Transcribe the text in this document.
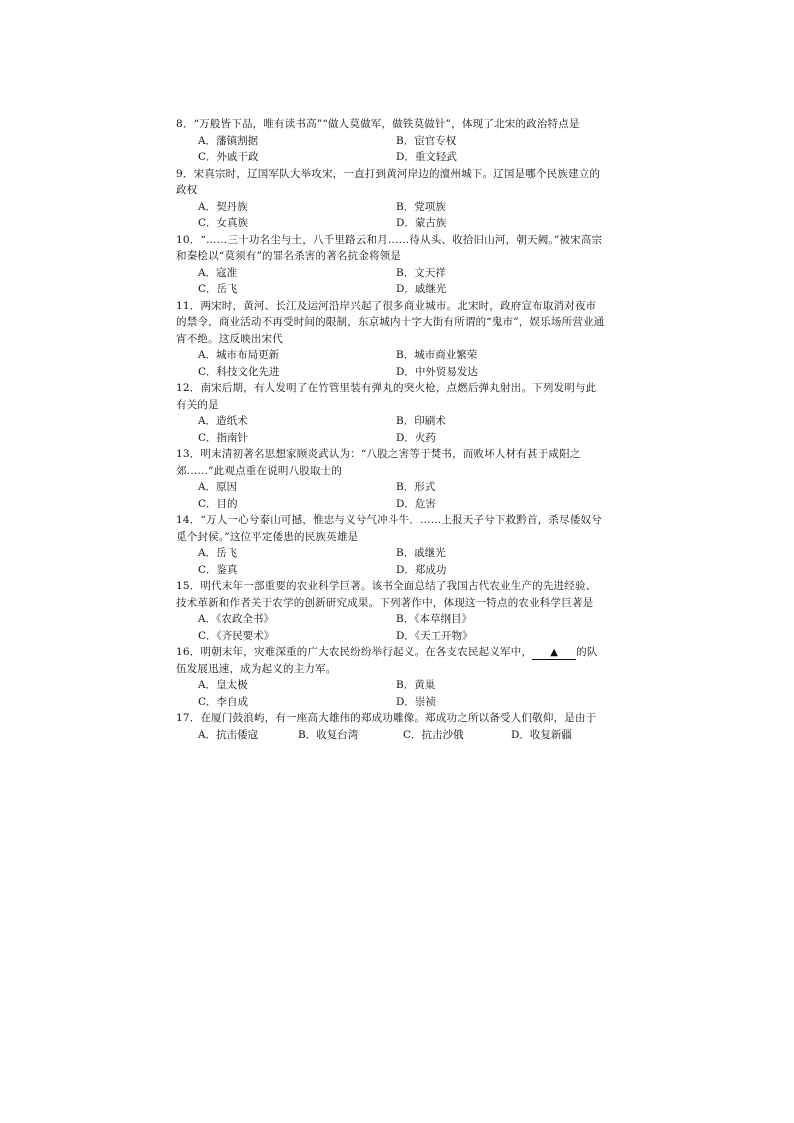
8．“万般皆下品，唯有读书高”“做人莫做军，做铁莫做针”，体现了北宋的政治特点是

A．藩镇割据	B．宦官专权
C．外戚干政	D．重文轻武

9．宋真宗时，辽国军队大举攻宋，一直打到黄河岸边的澶州城下。辽国是哪个民族建立的政权

A．契丹族	B．党项族
C．女真族	D．蒙古族

10．“……三十功名尘与土，八千里路云和月……待从头、收拾旧山河，朝天阙。”被宋高宗和秦桧以“莫须有”的罪名杀害的著名抗金将领是

A．寇准	B．文天祥
C．岳飞	D．戚继光

11．两宋时，黄河、长江及运河沿岸兴起了很多商业城市。北宋时，政府宣布取消对夜市的禁令，商业活动不再受时间的限制，东京城内十字大街有所谓的“鬼市”，娱乐场所营业通宵不绝。这反映出宋代

A．城市布局更新	B．城市商业繁荣
C．科技文化先进	D．中外贸易发达

12．南宋后期，有人发明了在竹管里装有弹丸的突火枪，点燃后弹丸射出。下列发明与此有关的是

A．造纸术	B．印刷术
C．指南针	D．火药

13．明末清初著名思想家顾炎武认为：“八股之害等于焚书，而败坏人材有甚于咸阳之郊……”此观点重在说明八股取士的

A．原因	B．形式
C．目的	D．危害

14．“万人一心兮泰山可撼，惟忠与义兮气冲斗牛．……上报天子兮下救黔首，杀尽倭奴兮觅个封侯。”这位平定倭患的民族英雄是

A．岳飞	B．戚继光
C．鉴真	D．郑成功

15．明代末年一部重要的农业科学巨著。该书全面总结了我国古代农业生产的先进经验、技术革新和作者关于农学的创新研究成果。下列著作中，体现这一特点的农业科学巨著是

A．《农政全书》	B．《本草纲目》
C．《齐民要术》	D．《天工开物》

16．明朝末年，灾难深重的广大农民纷纷举行起义。在各支农民起义军中， ▲ 的队伍发展迅速，成为起义的主力军。

A．皇太极	B．黄巢
C．李自成	D．崇祯

17．在厦门鼓浪屿，有一座高大雄伟的郑成功雕像。郑成功之所以备受人们敬仰，是由于

A．抗击倭寇	B．收复台湾	C．抗击沙俄	D．收复新疆
